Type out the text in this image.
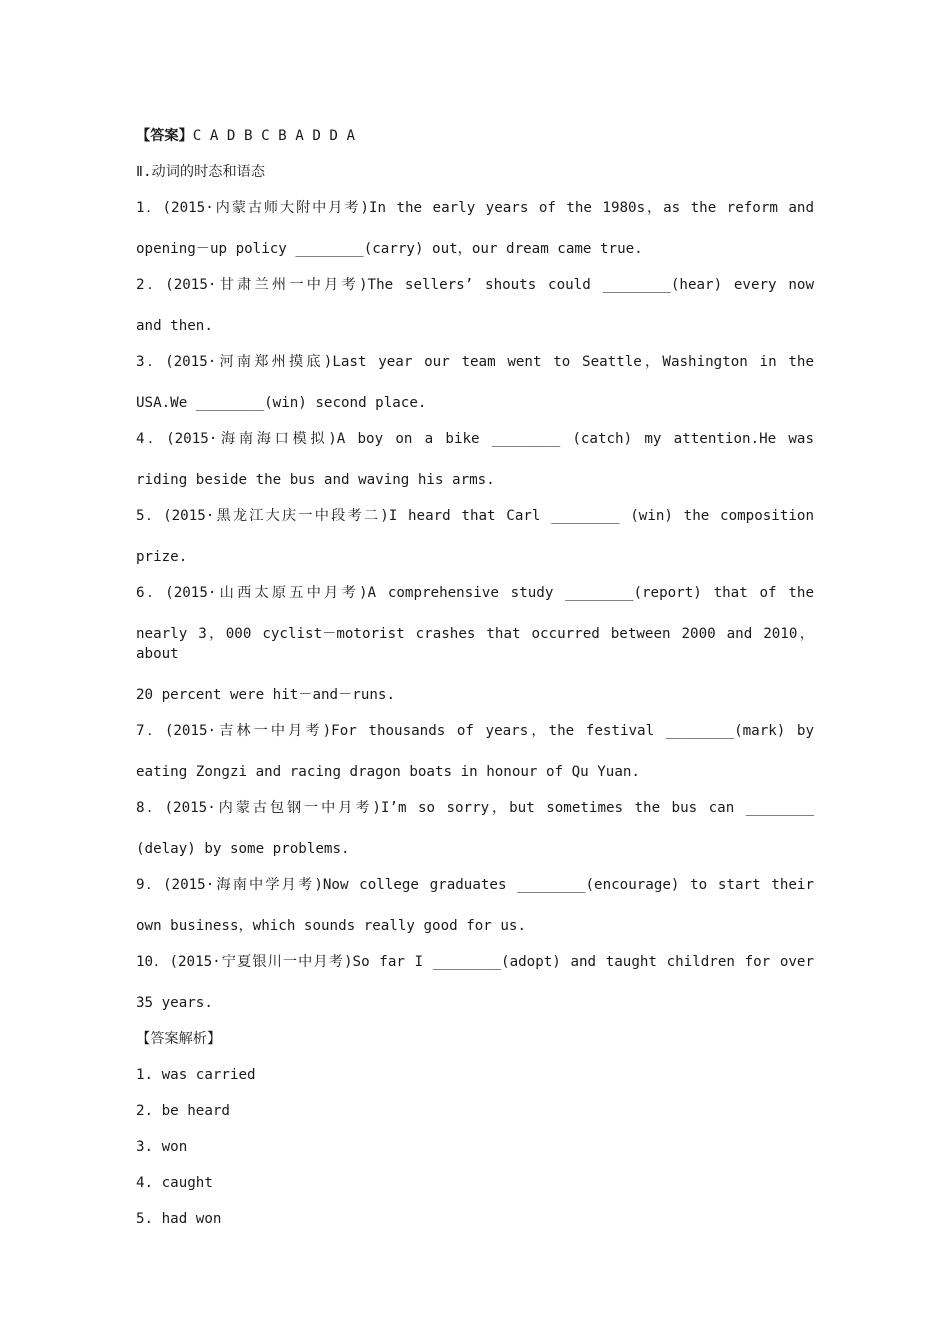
【答案】C A D B C B A D D A
Ⅱ.动词的时态和语态
1．(2015·内蒙古师大附中月考)In the early years of the 1980s，as the reform and
opening－up policy ________(carry) out，our dream came true.
2．(2015·甘肃兰州一中月考)The sellers’ shouts could ________(hear) every now
and then.
3．(2015·河南郑州摸底)Last year our team went to Seattle，Washington in the
USA.We ________(win) second place.
4．(2015·海南海口模拟)A boy on a bike ________ (catch) my attention.He was
riding beside the bus and waving his arms.
5．(2015·黑龙江大庆一中段考二)I heard that Carl ________ (win) the composition
prize.
6．(2015·山西太原五中月考)A comprehensive study ________(report) that of the
nearly 3，000 cyclist－motorist crashes that occurred between 2000 and 2010，about
20 percent were hit－and－runs.
7．(2015·吉林一中月考)For thousands of years，the festival ________(mark) by
eating Zongzi and racing dragon boats in honour of Qu Yuan.
8．(2015·内蒙古包钢一中月考)I’m so sorry，but sometimes the bus can ________
(delay) by some problems.
9．(2015·海南中学月考)Now college graduates ________(encourage) to start their
own business，which sounds really good for us.
10．(2015·宁夏银川一中月考)So far I ________(adopt) and taught children for over
35 years.
【答案解析】
1. was carried
2. be heard
3. won
4. caught
5. had won
